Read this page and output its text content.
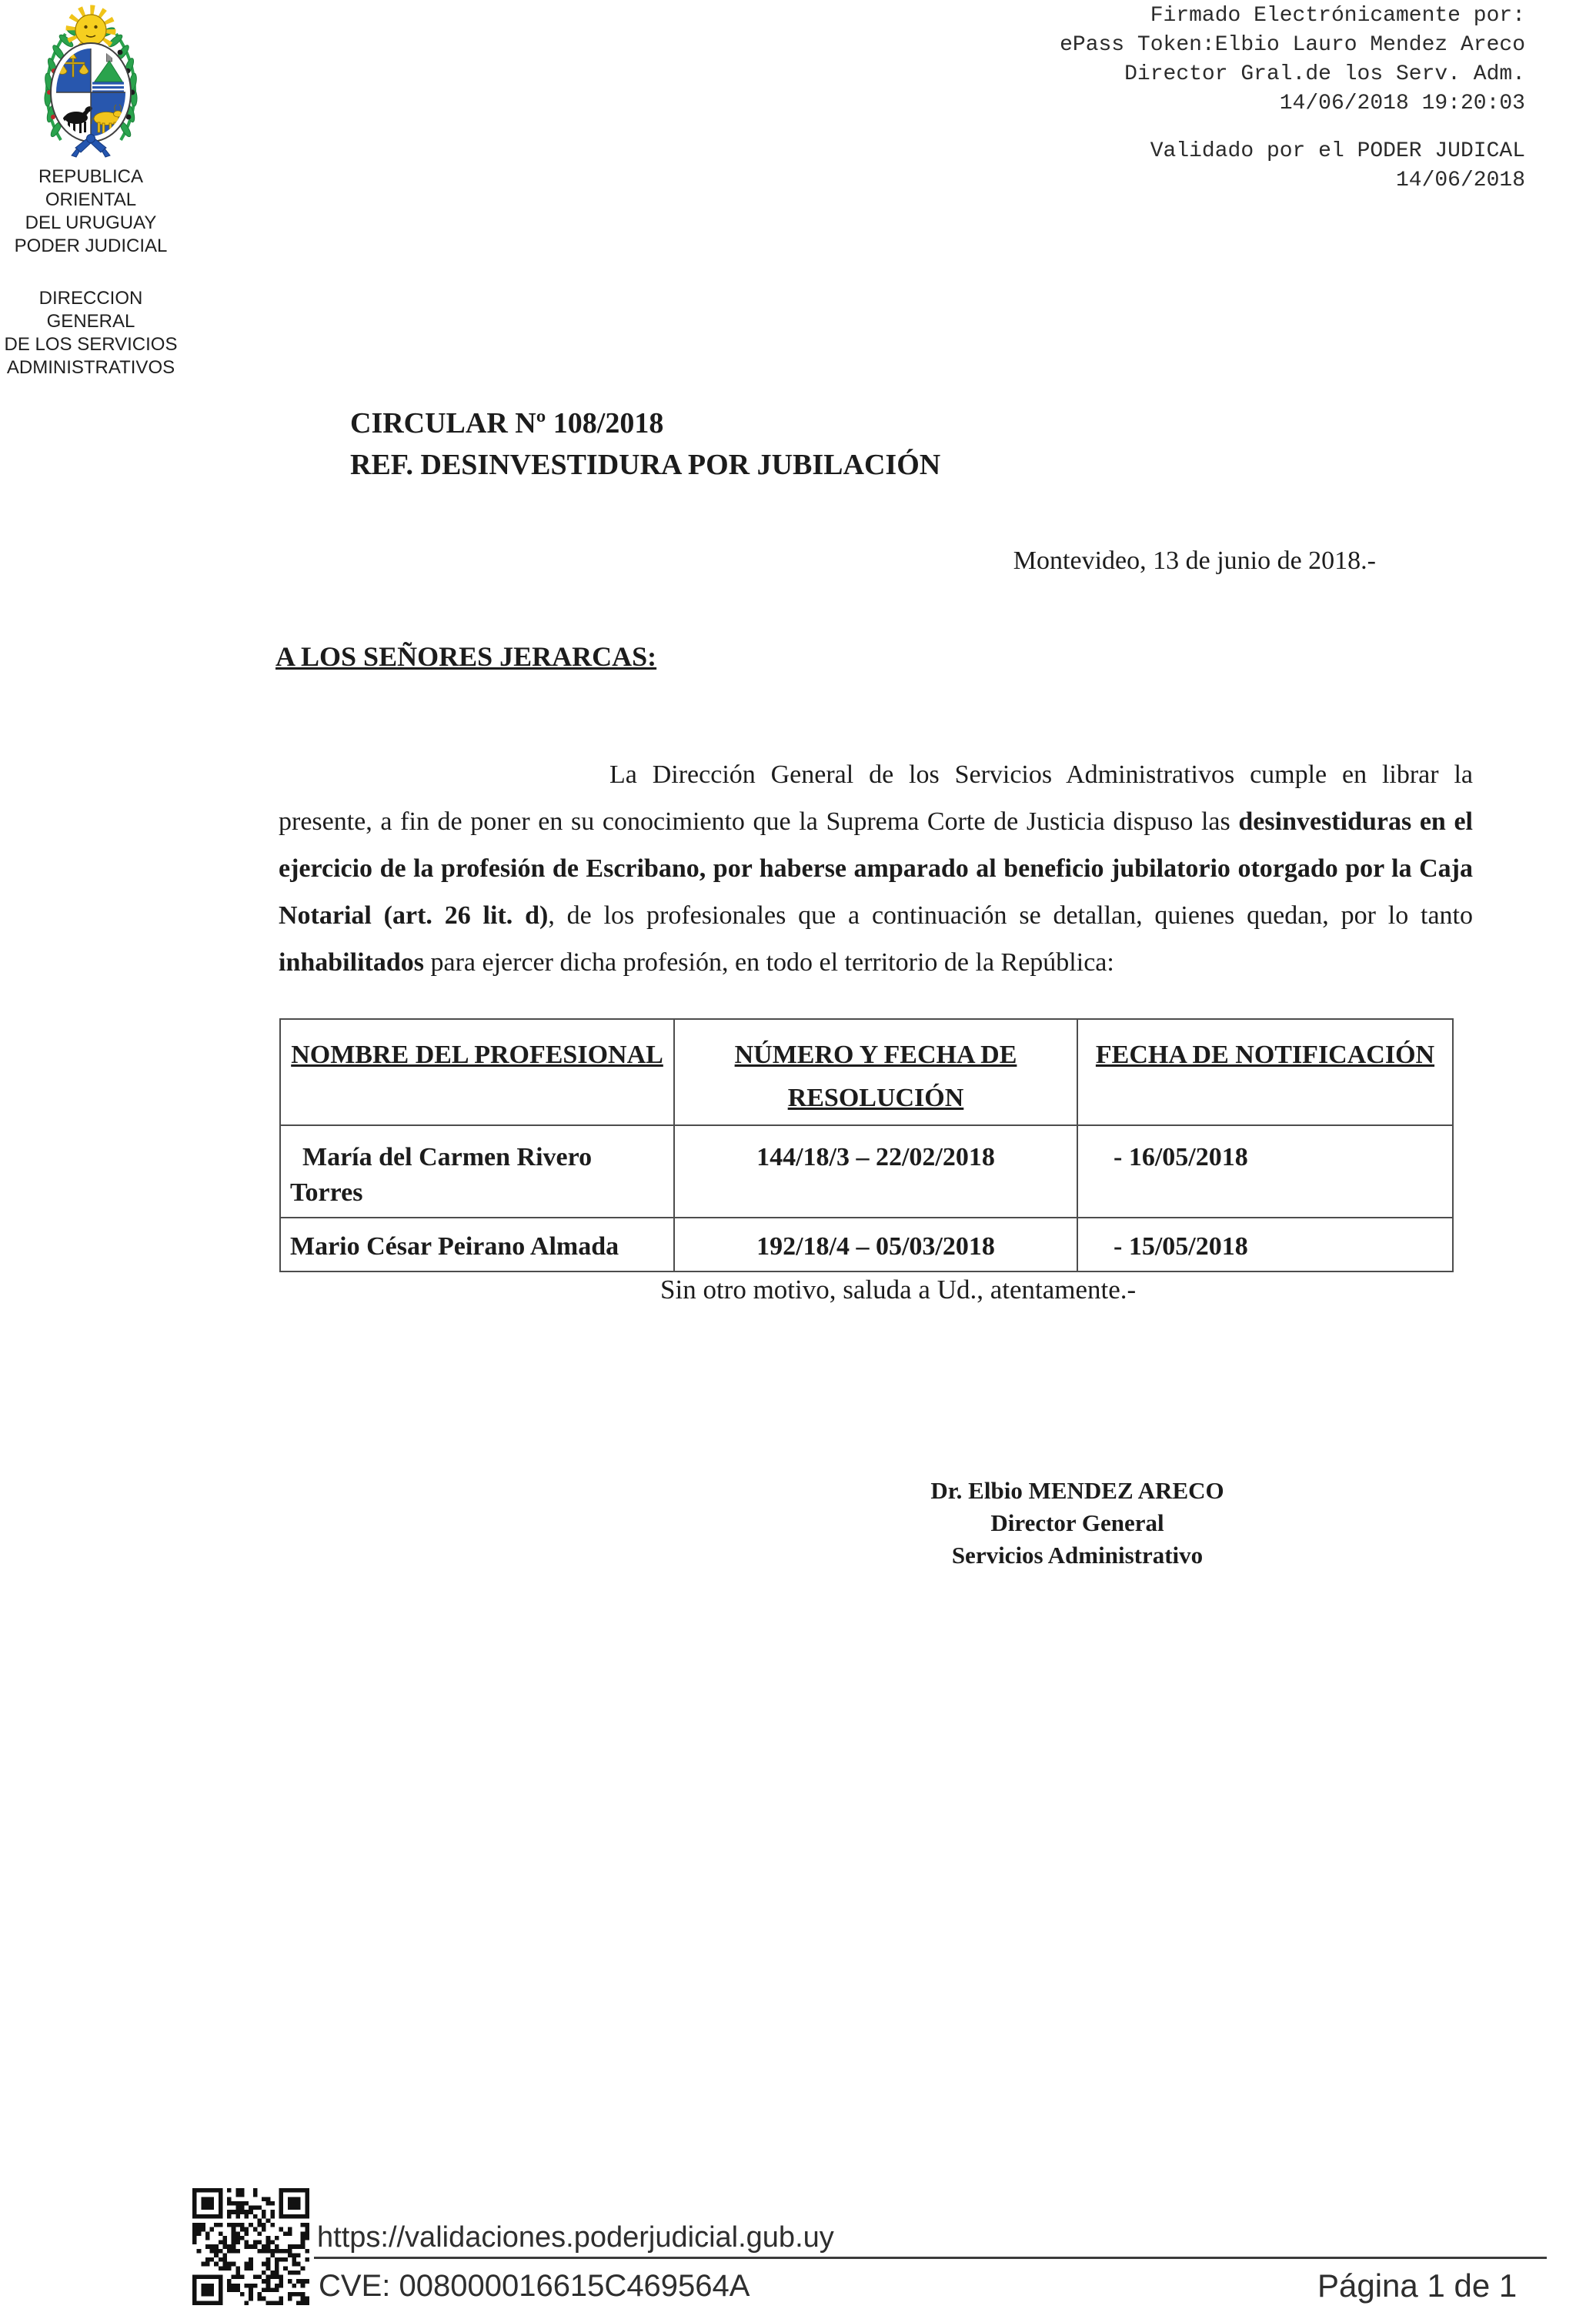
Firmado Electrónicamente por:
ePass Token:Elbio Lauro Mendez Areco
Director Gral.de los Serv. Adm.
14/06/2018 19:20:03
Validado por el PODER JUDICAL
14/06/2018
REPUBLICA ORIENTAL
DEL URUGUAY
PODER JUDICIAL
DIRECCION GENERAL
DE LOS SERVICIOS
ADMINISTRATIVOS
CIRCULAR Nº 108/2018
REF. DESINVESTIDURA POR JUBILACIÓN
Montevideo, 13 de junio de 2018.-
A LOS SEÑORES JERARCAS:

La Dirección General de los Servicios Administrativos cumple en librar la presente, a fin de poner en su conocimiento que la Suprema Corte de Justicia dispuso las desinvestiduras en el ejercicio de la profesión de Escribano, por haberse amparado al beneficio jubilatorio otorgado por la Caja Notarial (art. 26 lit. d), de los profesionales que a continuación se detallan, quienes quedan, por lo tanto inhabilitados para ejercer dicha profesión, en todo el territorio de la República:

NOMBRE DEL PROFESIONAL	NÚMERO Y FECHA DE RESOLUCIÓN	FECHA DE NOTIFICACIÓN
María del Carmen Rivero Torres	144/18/3 – 22/02/2018	- 16/05/2018
Mario César Peirano Almada	192/18/4 – 05/03/2018	- 15/05/2018
Sin otro motivo, saluda a Ud., atentamente.-
Dr. Elbio MENDEZ ARECO
Director General
Servicios Administrativo
https://validaciones.poderjudicial.gub.uy
CVE: 008000016615C469564A	Página 1 de 1
